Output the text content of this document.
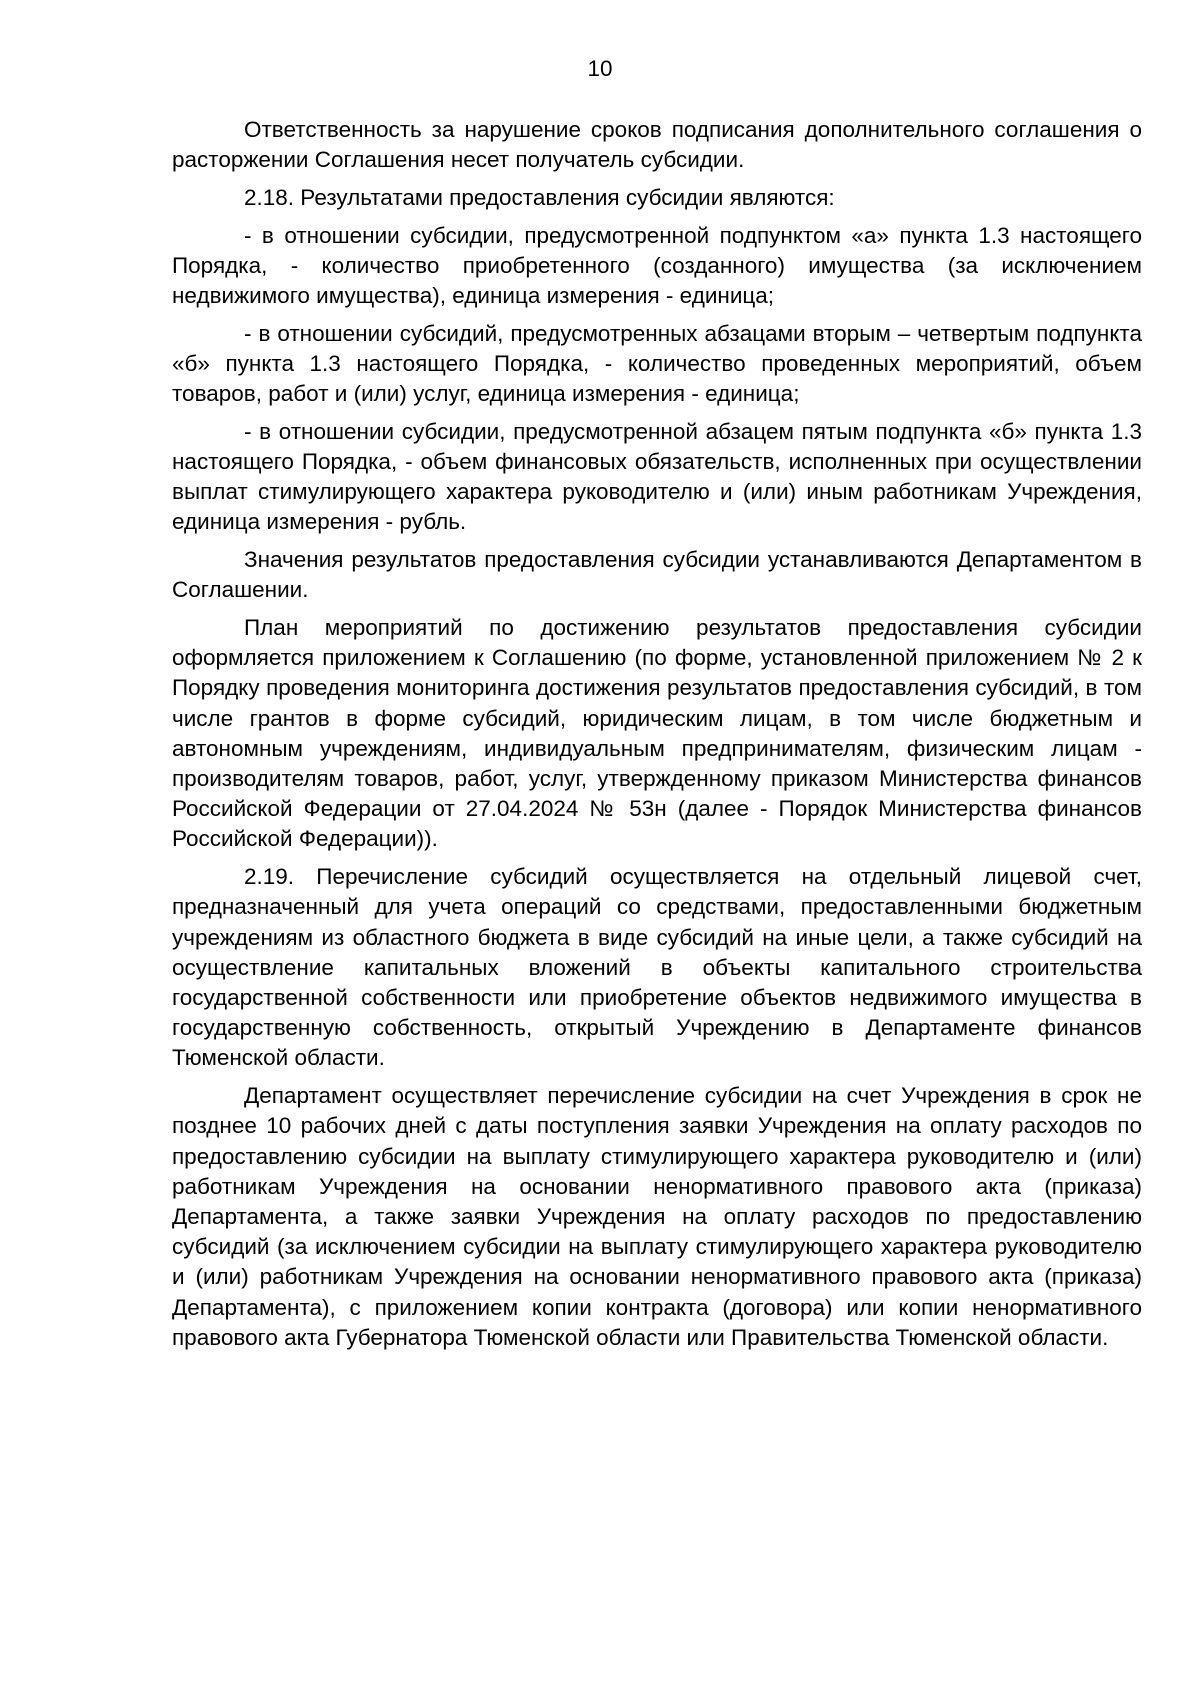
10

Ответственность за нарушение сроков подписания дополнительного соглашения о расторжении Соглашения несет получатель субсидии.

2.18. Результатами предоставления субсидии являются:

- в отношении субсидии, предусмотренной подпунктом «а» пункта 1.3 настоящего Порядка, - количество приобретенного (созданного) имущества (за исключением недвижимого имущества), единица измерения - единица;

- в отношении субсидий, предусмотренных абзацами вторым – четвертым подпункта «б» пункта 1.3 настоящего Порядка, - количество проведенных мероприятий, объем товаров, работ и (или) услуг, единица измерения - единица;

- в отношении субсидии, предусмотренной абзацем пятым подпункта «б» пункта 1.3 настоящего Порядка, - объем финансовых обязательств, исполненных при осуществлении выплат стимулирующего характера руководителю и (или) иным работникам Учреждения, единица измерения - рубль.

Значения результатов предоставления субсидии устанавливаются Департаментом в Соглашении.

План мероприятий по достижению результатов предоставления субсидии оформляется приложением к Соглашению (по форме, установленной приложением № 2 к Порядку проведения мониторинга достижения результатов предоставления субсидий, в том числе грантов в форме субсидий, юридическим лицам, в том числе бюджетным и автономным учреждениям, индивидуальным предпринимателям, физическим лицам - производителям товаров, работ, услуг, утвержденному приказом Министерства финансов Российской Федерации от 27.04.2024 № 53н (далее - Порядок Министерства финансов Российской Федерации)).

2.19. Перечисление субсидий осуществляется на отдельный лицевой счет, предназначенный для учета операций со средствами, предоставленными бюджетным учреждениям из областного бюджета в виде субсидий на иные цели, а также субсидий на осуществление капитальных вложений в объекты капитального строительства государственной собственности или приобретение объектов недвижимого имущества в государственную собственность, открытый Учреждению в Департаменте финансов Тюменской области.

Департамент осуществляет перечисление субсидии на счет Учреждения в срок не позднее 10 рабочих дней с даты поступления заявки Учреждения на оплату расходов по предоставлению субсидии на выплату стимулирующего характера руководителю и (или) работникам Учреждения на основании ненормативного правового акта (приказа) Департамента, а также заявки Учреждения на оплату расходов по предоставлению субсидий (за исключением субсидии на выплату стимулирующего характера руководителю и (или) работникам Учреждения на основании ненормативного правового акта (приказа) Департамента), с приложением копии контракта (договора) или копии ненормативного правового акта Губернатора Тюменской области или Правительства Тюменской области.
